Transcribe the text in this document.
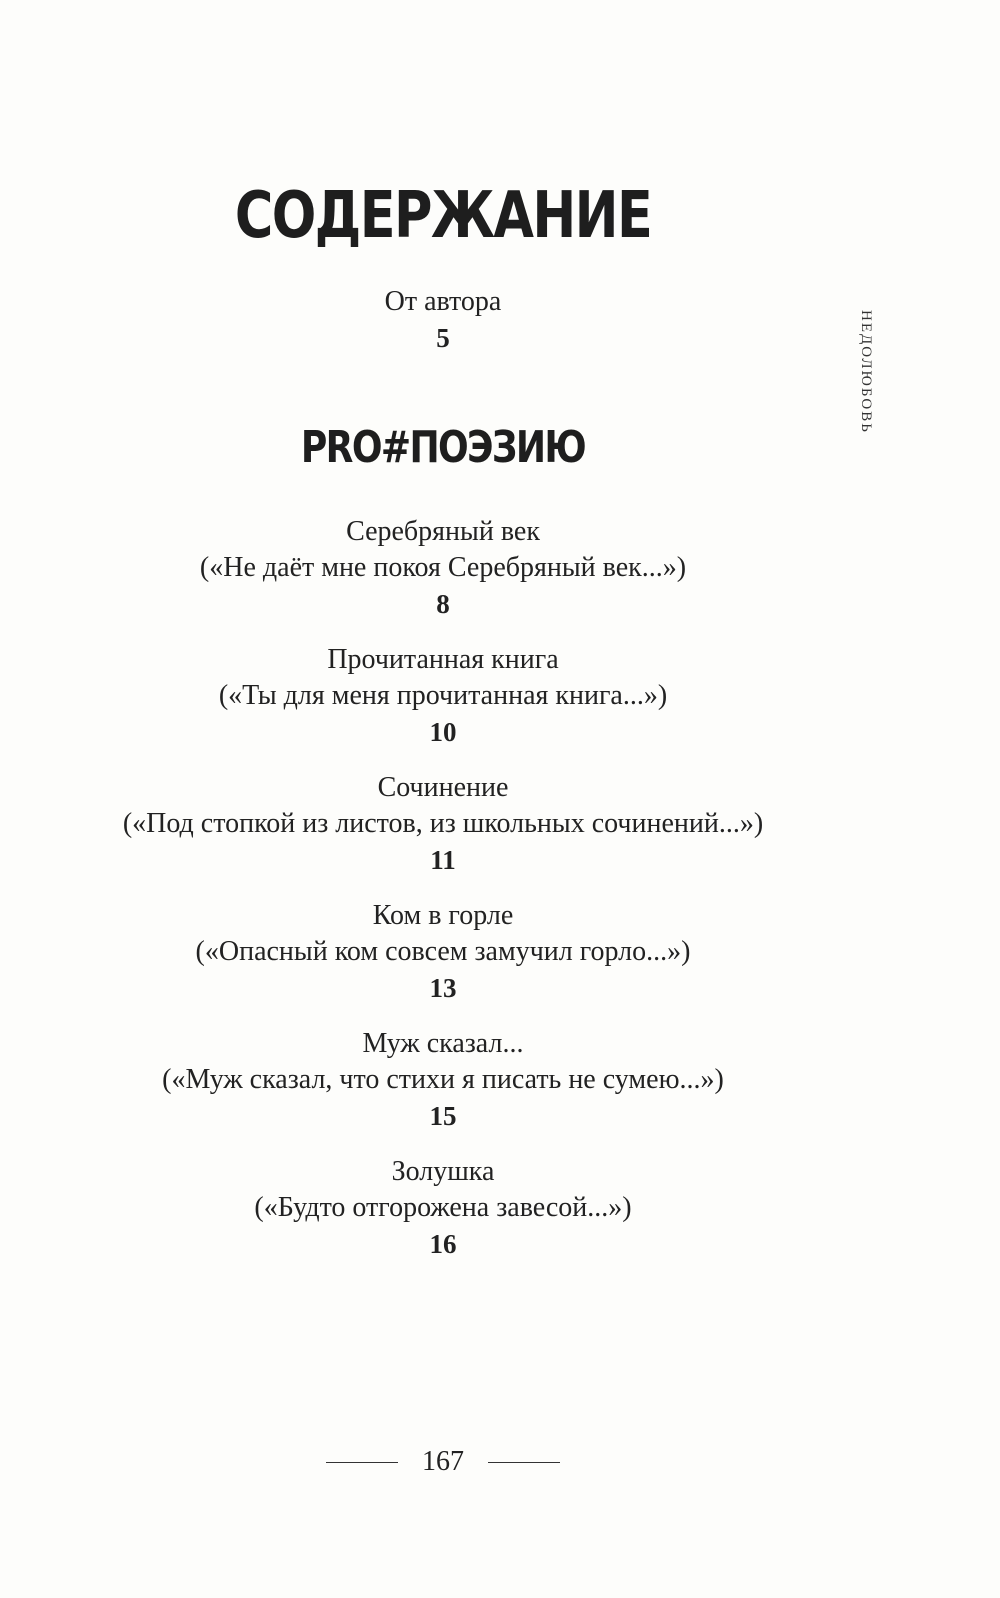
СОДЕРЖАНИЕ
От автора
5
PRO#ПОЭЗИЮ
Серебряный век
(«Не даёт мне покоя Серебряный век...»)
8
Прочитанная книга
(«Ты для меня прочитанная книга...»)
10
Сочинение
(«Под стопкой из листов, из школьных сочинений...»)
11
Ком в горле
(«Опасный ком совсем замучил горло...»)
13
Муж сказал...
(«Муж сказал, что стихи я писать не сумею...»)
15
Золушка
(«Будто отгорожена завесой...»)
16
НЕДОЛЮБОВЬ
167
